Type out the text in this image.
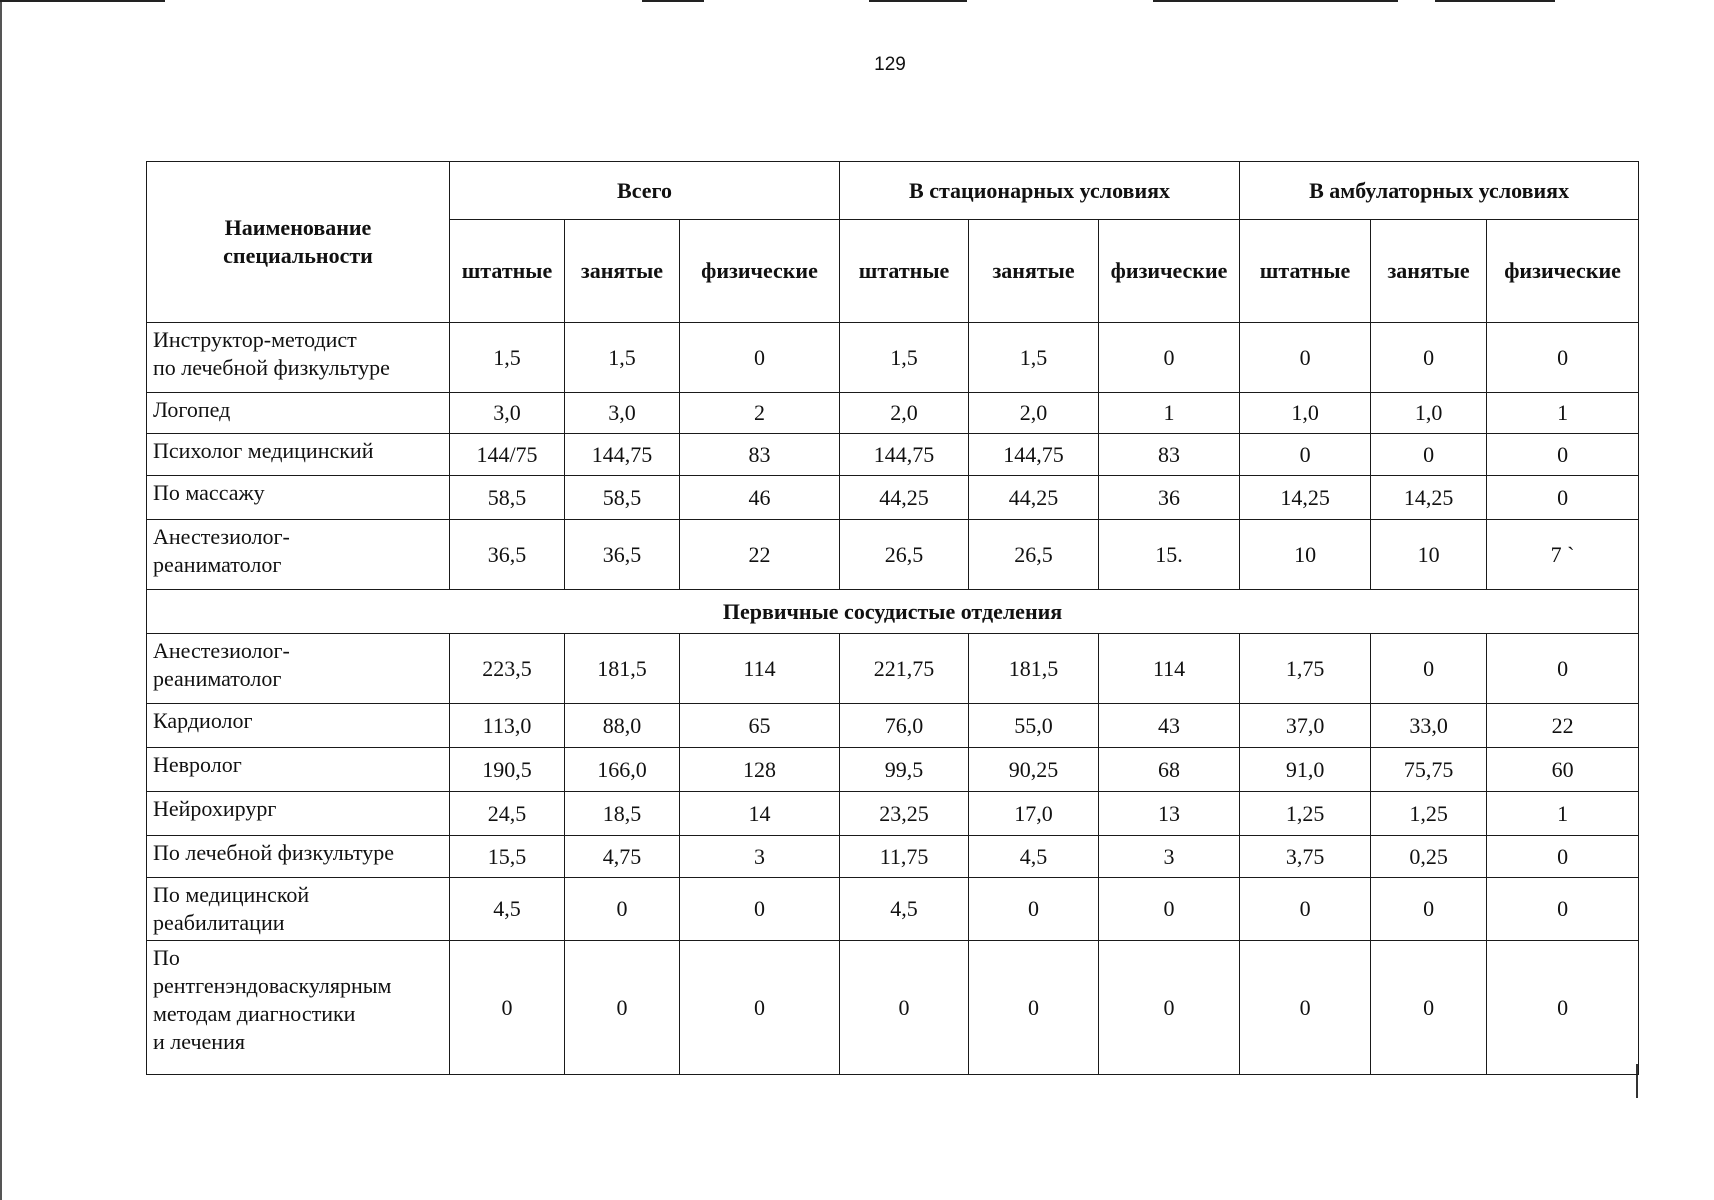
129
Наименование специальности	Всего			В стационарных условиях			В амбулаторных условиях		
	штатные	занятые	физические	штатные	занятые	физические	штатные	занятые	физические
Инструктор-методист
по лечебной физкультуре	1,5	1,5	0	1,5	1,5	0	0	0	0
Логопед	3,0	3,0	2	2,0	2,0	1	1,0	1,0	1
Психолог медицинский	144/75	144,75	83	144,75	144,75	83	0	0	0
По массажу	58,5	58,5	46	44,25	44,25	36	14,25	14,25	0
Анестезиолог-
реаниматолог	36,5	36,5	22	26,5	26,5	15.	10	10	7 `
Первичные сосудистые отделения									
Анестезиолог-
реаниматолог	223,5	181,5	114	221,75	181,5	114	1,75	0	0
Кардиолог	113,0	88,0	65	76,0	55,0	43	37,0	33,0	22
Невролог	190,5	166,0	128	99,5	90,25	68	91,0	75,75	60
Нейрохирург	24,5	18,5	14	23,25	17,0	13	1,25	1,25	1
По лечебной физкультуре	15,5	4,75	3	11,75	4,5	3	3,75	0,25	0
По медицинской
реабилитации	4,5	0	0	4,5	0	0	0	0	0
По
рентгенэндоваскулярным
методам диагностики
и лечения	0	0	0	0	0	0	0	0	0
